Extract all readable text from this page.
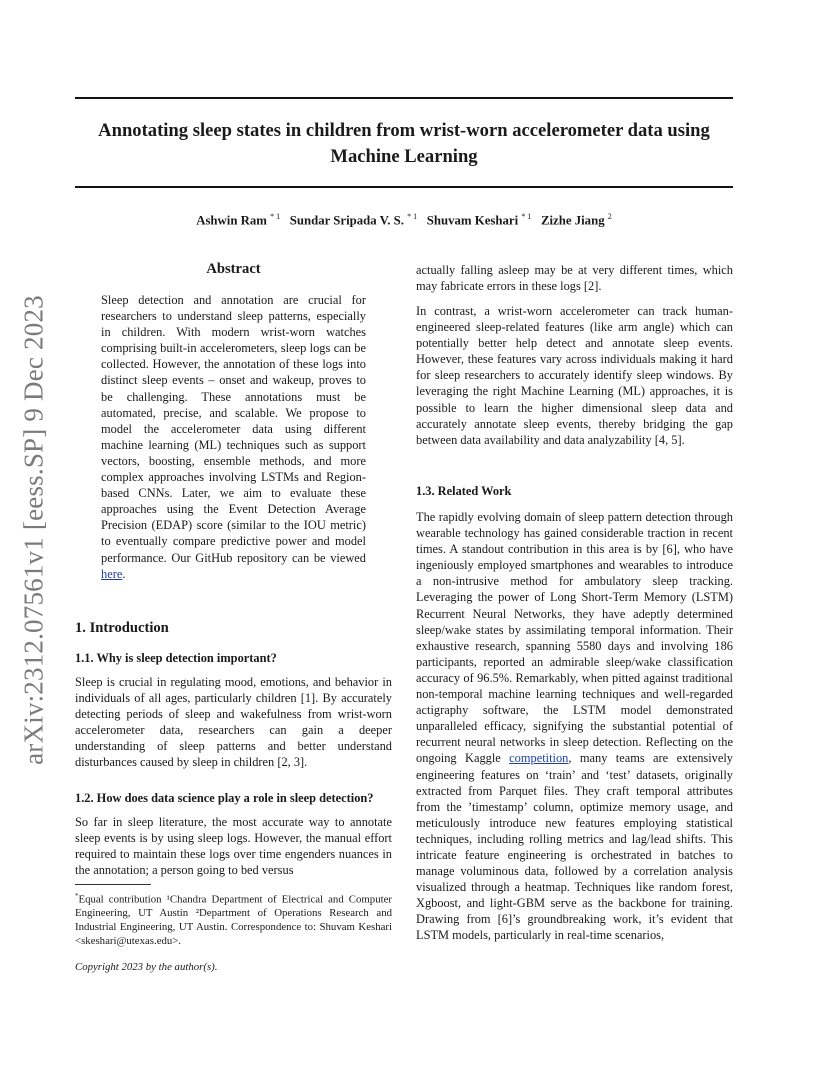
arXiv:2312.07561v1 [eess.SP] 9 Dec 2023
Annotating sleep states in children from wrist-worn accelerometer data using Machine Learning
Ashwin Ram $^{* 1}$ Sundar Sripada V. S. $^{* 1}$ Shuvam Keshari $^{* 1}$ Zizhe Jiang $^2$
Abstract

Sleep detection and annotation are crucial for researchers to understand sleep patterns, especially in children. With modern wrist-worn watches comprising built-in accelerometers, sleep logs can be collected. However, the annotation of these logs into distinct sleep events – onset and wakeup, proves to be challenging. These annotations must be automated, precise, and scalable. We propose to model the accelerometer data using different machine learning (ML) techniques such as support vectors, boosting, ensemble methods, and more complex approaches involving LSTMs and Region-based CNNs. Later, we aim to evaluate these approaches using the Event Detection Average Precision (EDAP) score (similar to the IOU metric) to eventually compare predictive power and model performance. Our GitHub repository can be viewed here.

1. Introduction
1.1. Why is sleep detection important?

Sleep is crucial in regulating mood, emotions, and behavior in individuals of all ages, particularly children [1]. By accurately detecting periods of sleep and wakefulness from wrist-worn accelerometer data, researchers can gain a deeper understanding of sleep patterns and better understand disturbances caused by sleep in children [2, 3].

1.2. How does data science play a role in sleep detection?

So far in sleep literature, the most accurate way to annotate sleep events is by using sleep logs. However, the manual effort required to maintain these logs over time engenders nuances in the annotation; a person going to bed versus

*Equal contribution ¹Chandra Department of Electrical and Computer Engineering, UT Austin ²Department of Operations Research and Industrial Engineering, UT Austin. Correspondence to: Shuvam Keshari <skeshari@utexas.edu>.
Copyright 2023 by the author(s).

actually falling asleep may be at very different times, which may fabricate errors in these logs [2].

In contrast, a wrist-worn accelerometer can track human-engineered sleep-related features (like arm angle) which can potentially better help detect and annotate sleep events. However, these features vary across individuals making it hard for sleep researchers to accurately identify sleep windows. By leveraging the right Machine Learning (ML) approaches, it is possible to learn the higher dimensional sleep data and accurately annotate sleep events, thereby bridging the gap between data availability and data analyzability [4, 5].

1.3. Related Work

The rapidly evolving domain of sleep pattern detection through wearable technology has gained considerable traction in recent times. A standout contribution in this area is by [6], who have ingeniously employed smartphones and wearables to introduce a non-intrusive method for ambulatory sleep tracking. Leveraging the power of Long Short-Term Memory (LSTM) Recurrent Neural Networks, they have adeptly determined sleep/wake states by assimilating temporal information. Their exhaustive research, spanning 5580 days and involving 186 participants, reported an admirable sleep/wake classification accuracy of 96.5%. Remarkably, when pitted against traditional non-temporal machine learning techniques and well-regarded actigraphy software, the LSTM model demonstrated unparalleled efficacy, signifying the substantial potential of recurrent neural networks in sleep detection. Reflecting on the ongoing Kaggle competition, many teams are extensively engineering features on ‘train’ and ‘test’ datasets, originally extracted from Parquet files. They craft temporal attributes from the ’timestamp’ column, optimize memory usage, and meticulously introduce new features employing statistical techniques, including rolling metrics and lag/lead shifts. This intricate feature engineering is orchestrated in batches to manage voluminous data, followed by a correlation analysis visualized through a heatmap. Techniques like random forest, Xgboost, and light-GBM serve as the backbone for training. Drawing from [6]’s groundbreaking work, it’s evident that LSTM models, particularly in real-time scenarios,
